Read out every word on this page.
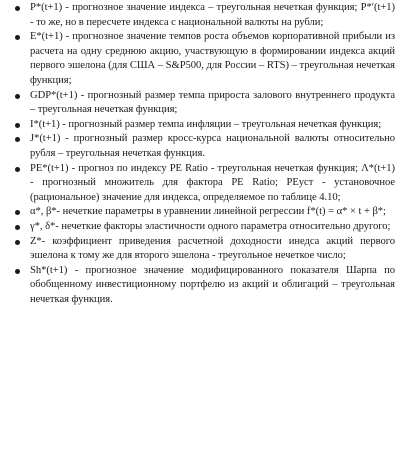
P*(t+1) - прогнозное значение индекса – треугольная нечеткая функция; P*′(t+1) - то же, но в пересчете индекса с национальной валюты на рубли;
E*(t+1) - прогнозное значение темпов роста объемов корпоративной прибыли из расчета на одну среднюю акцию, участвующую в формировании индекса акций первого эшелона (для США – S&P500, для России – RTS) – треугольная нечеткая функция;
GDP*(t+1) - прогнозный размер темпа прироста залового внутреннего продукта – треугольная нечеткая функция;
I*(t+1) - прогнозный размер темпа инфляции – треугольная нечеткая функция;
J*(t+1) - прогнозный размер кросс-курса национальной валюты относительно рубля – треугольная нечеткая функция.
PE*(t+1) - прогноз по индексу PE Ratio - треугольная нечеткая функция; Λ*(t+1) - прогнозный множитель для фактора PE Ratio; PEуст - установочное (рациональное) значение для индекса, определяемое по таблице 4.10;
α*, β*- нечеткие параметры в уравнении линейной регрессии f*(t) = α* × t + β*;
γ*, δ*- нечеткие факторы эластичности одного параметра относительно другого;
Z*- коэффициент приведения расчетной доходности инедса акций первого эшелона к тому же для второго эшелона - треугольное нечеткое число;
Sh*(t+1) - прогнозное значение модифицированного показателя Шарпа по обобщенному инвестиционному портфелю из акций и облигаций – треугольная нечеткая функция.
